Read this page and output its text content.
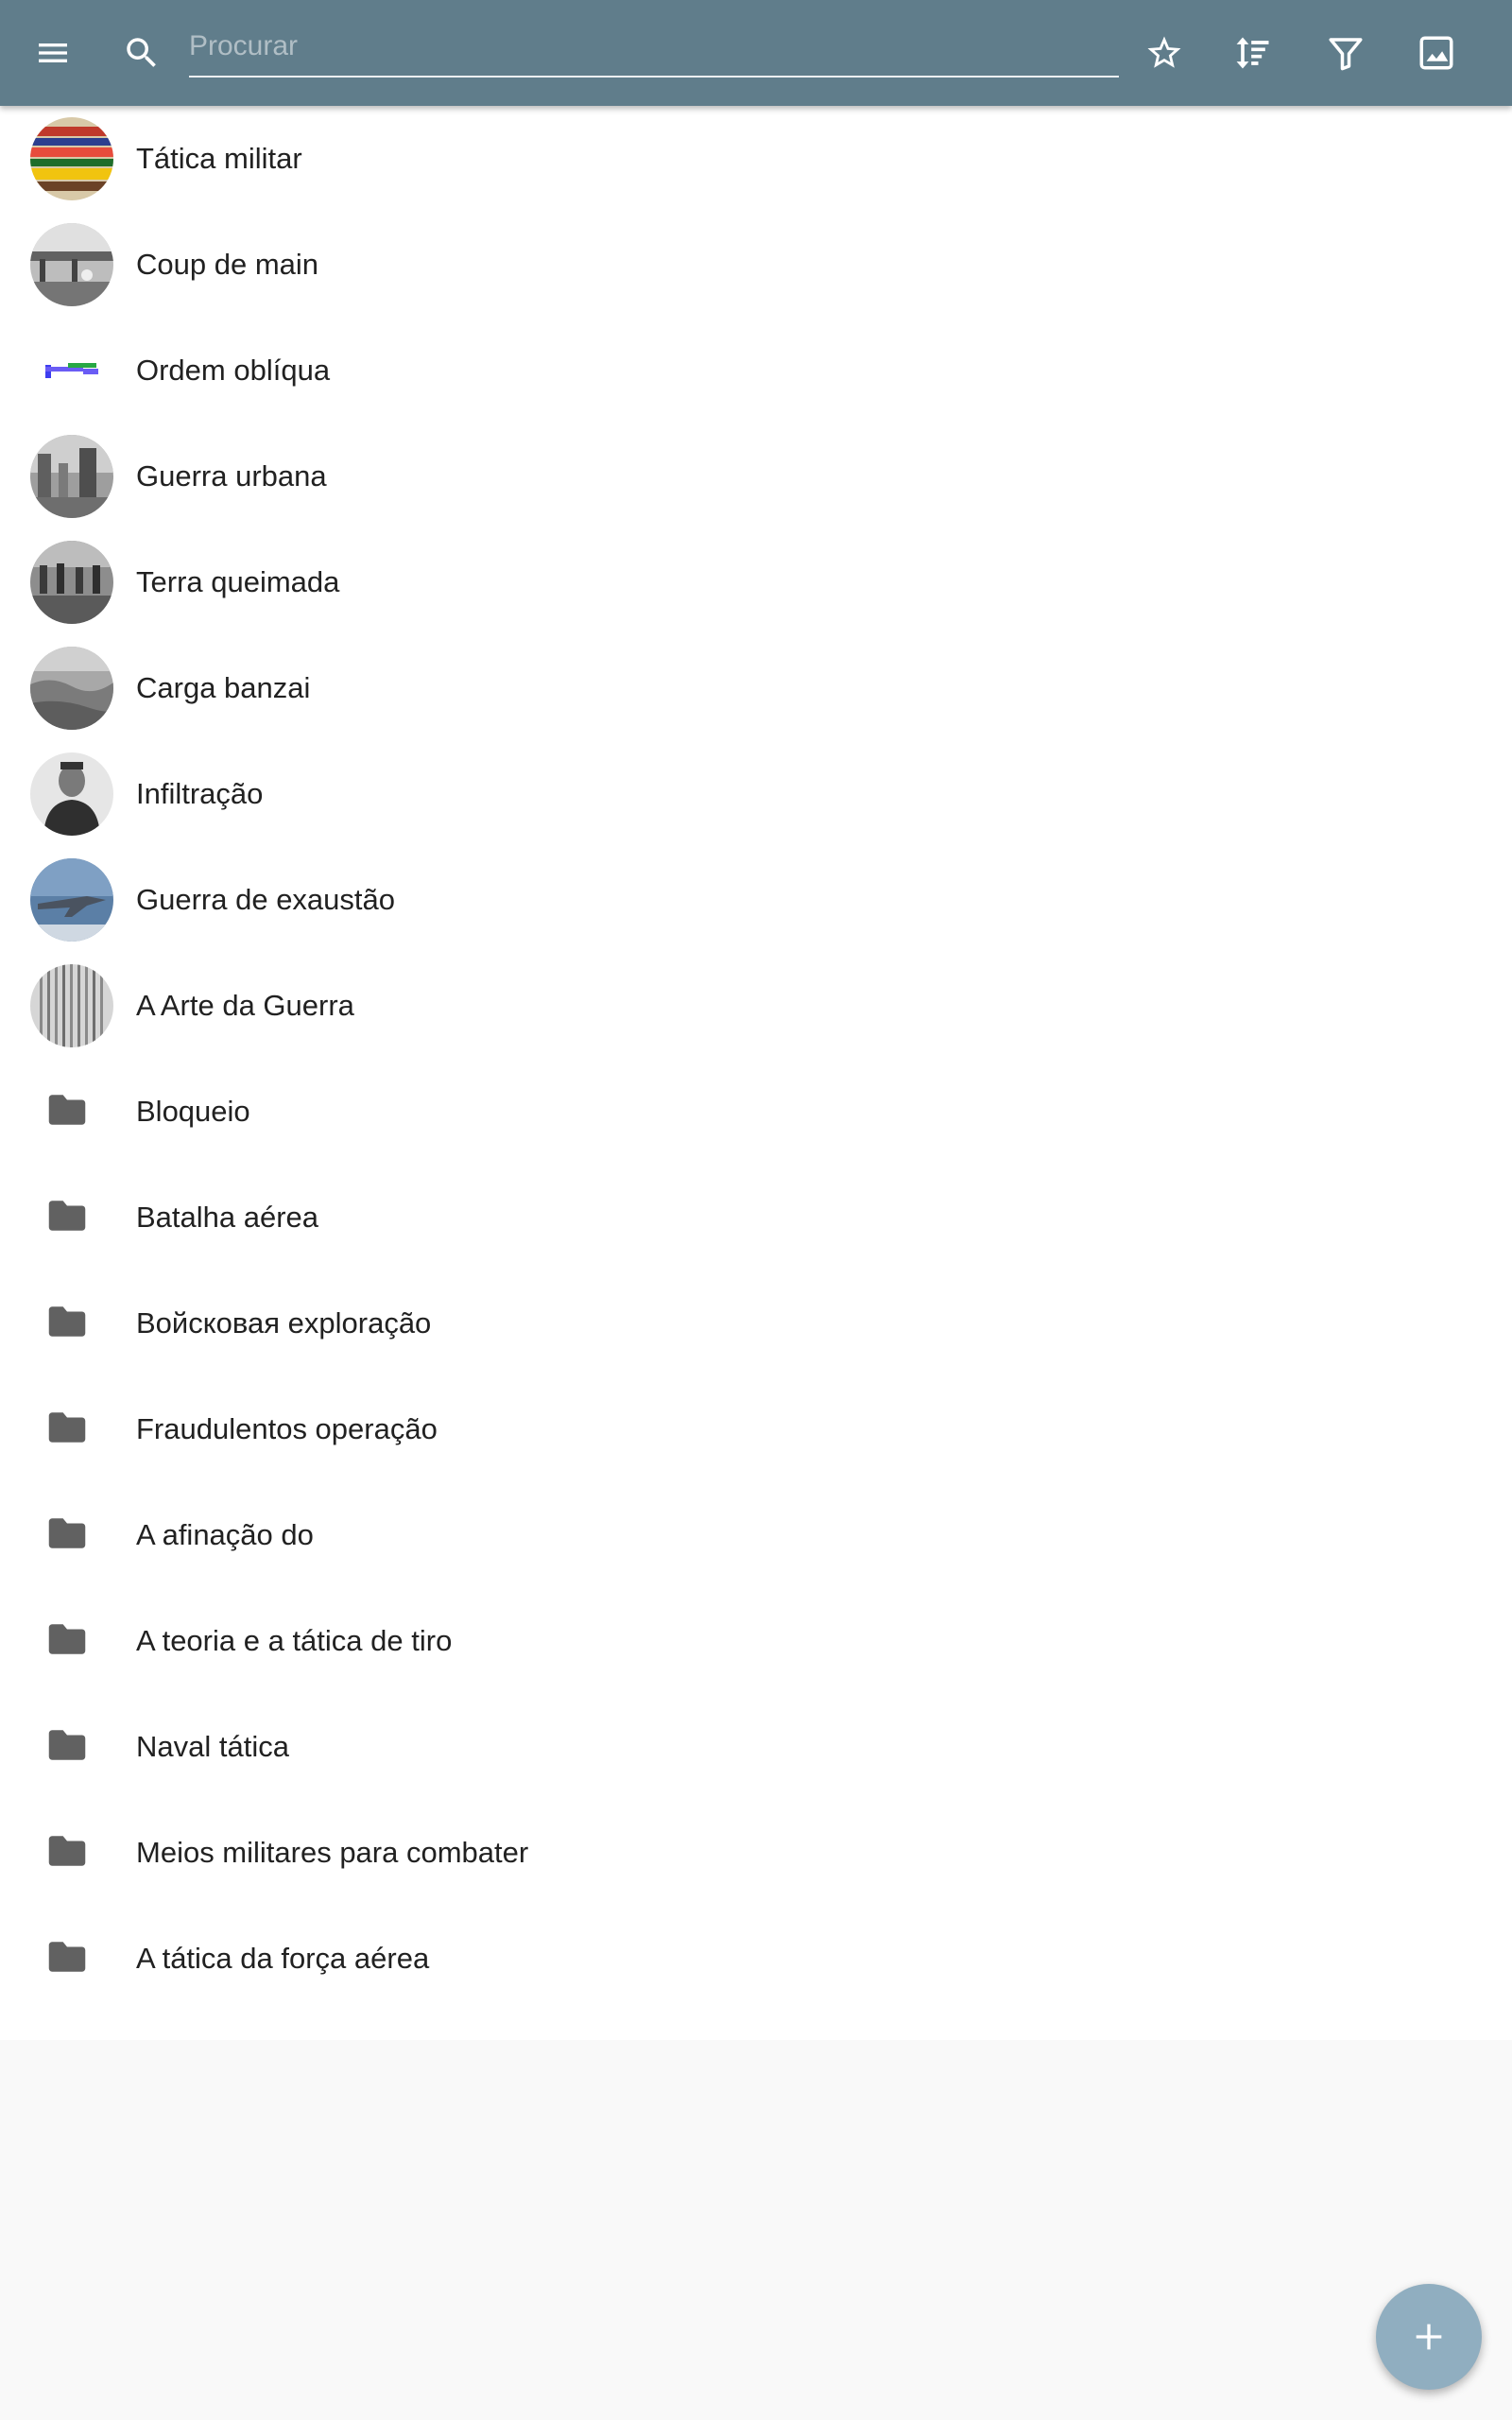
Procurar
Tática militar
Coup de main
Ordem oblíqua
Guerra urbana
Terra queimada
Carga banzai
Infiltração
Guerra de exaustão
A Arte da Guerra
Bloqueio
Batalha aérea
Войсковая exploração
Fraudulentos operação
A afinação do
A teoria e a tática de tiro
Naval tática
Meios militares para combater
A tática da força aérea
